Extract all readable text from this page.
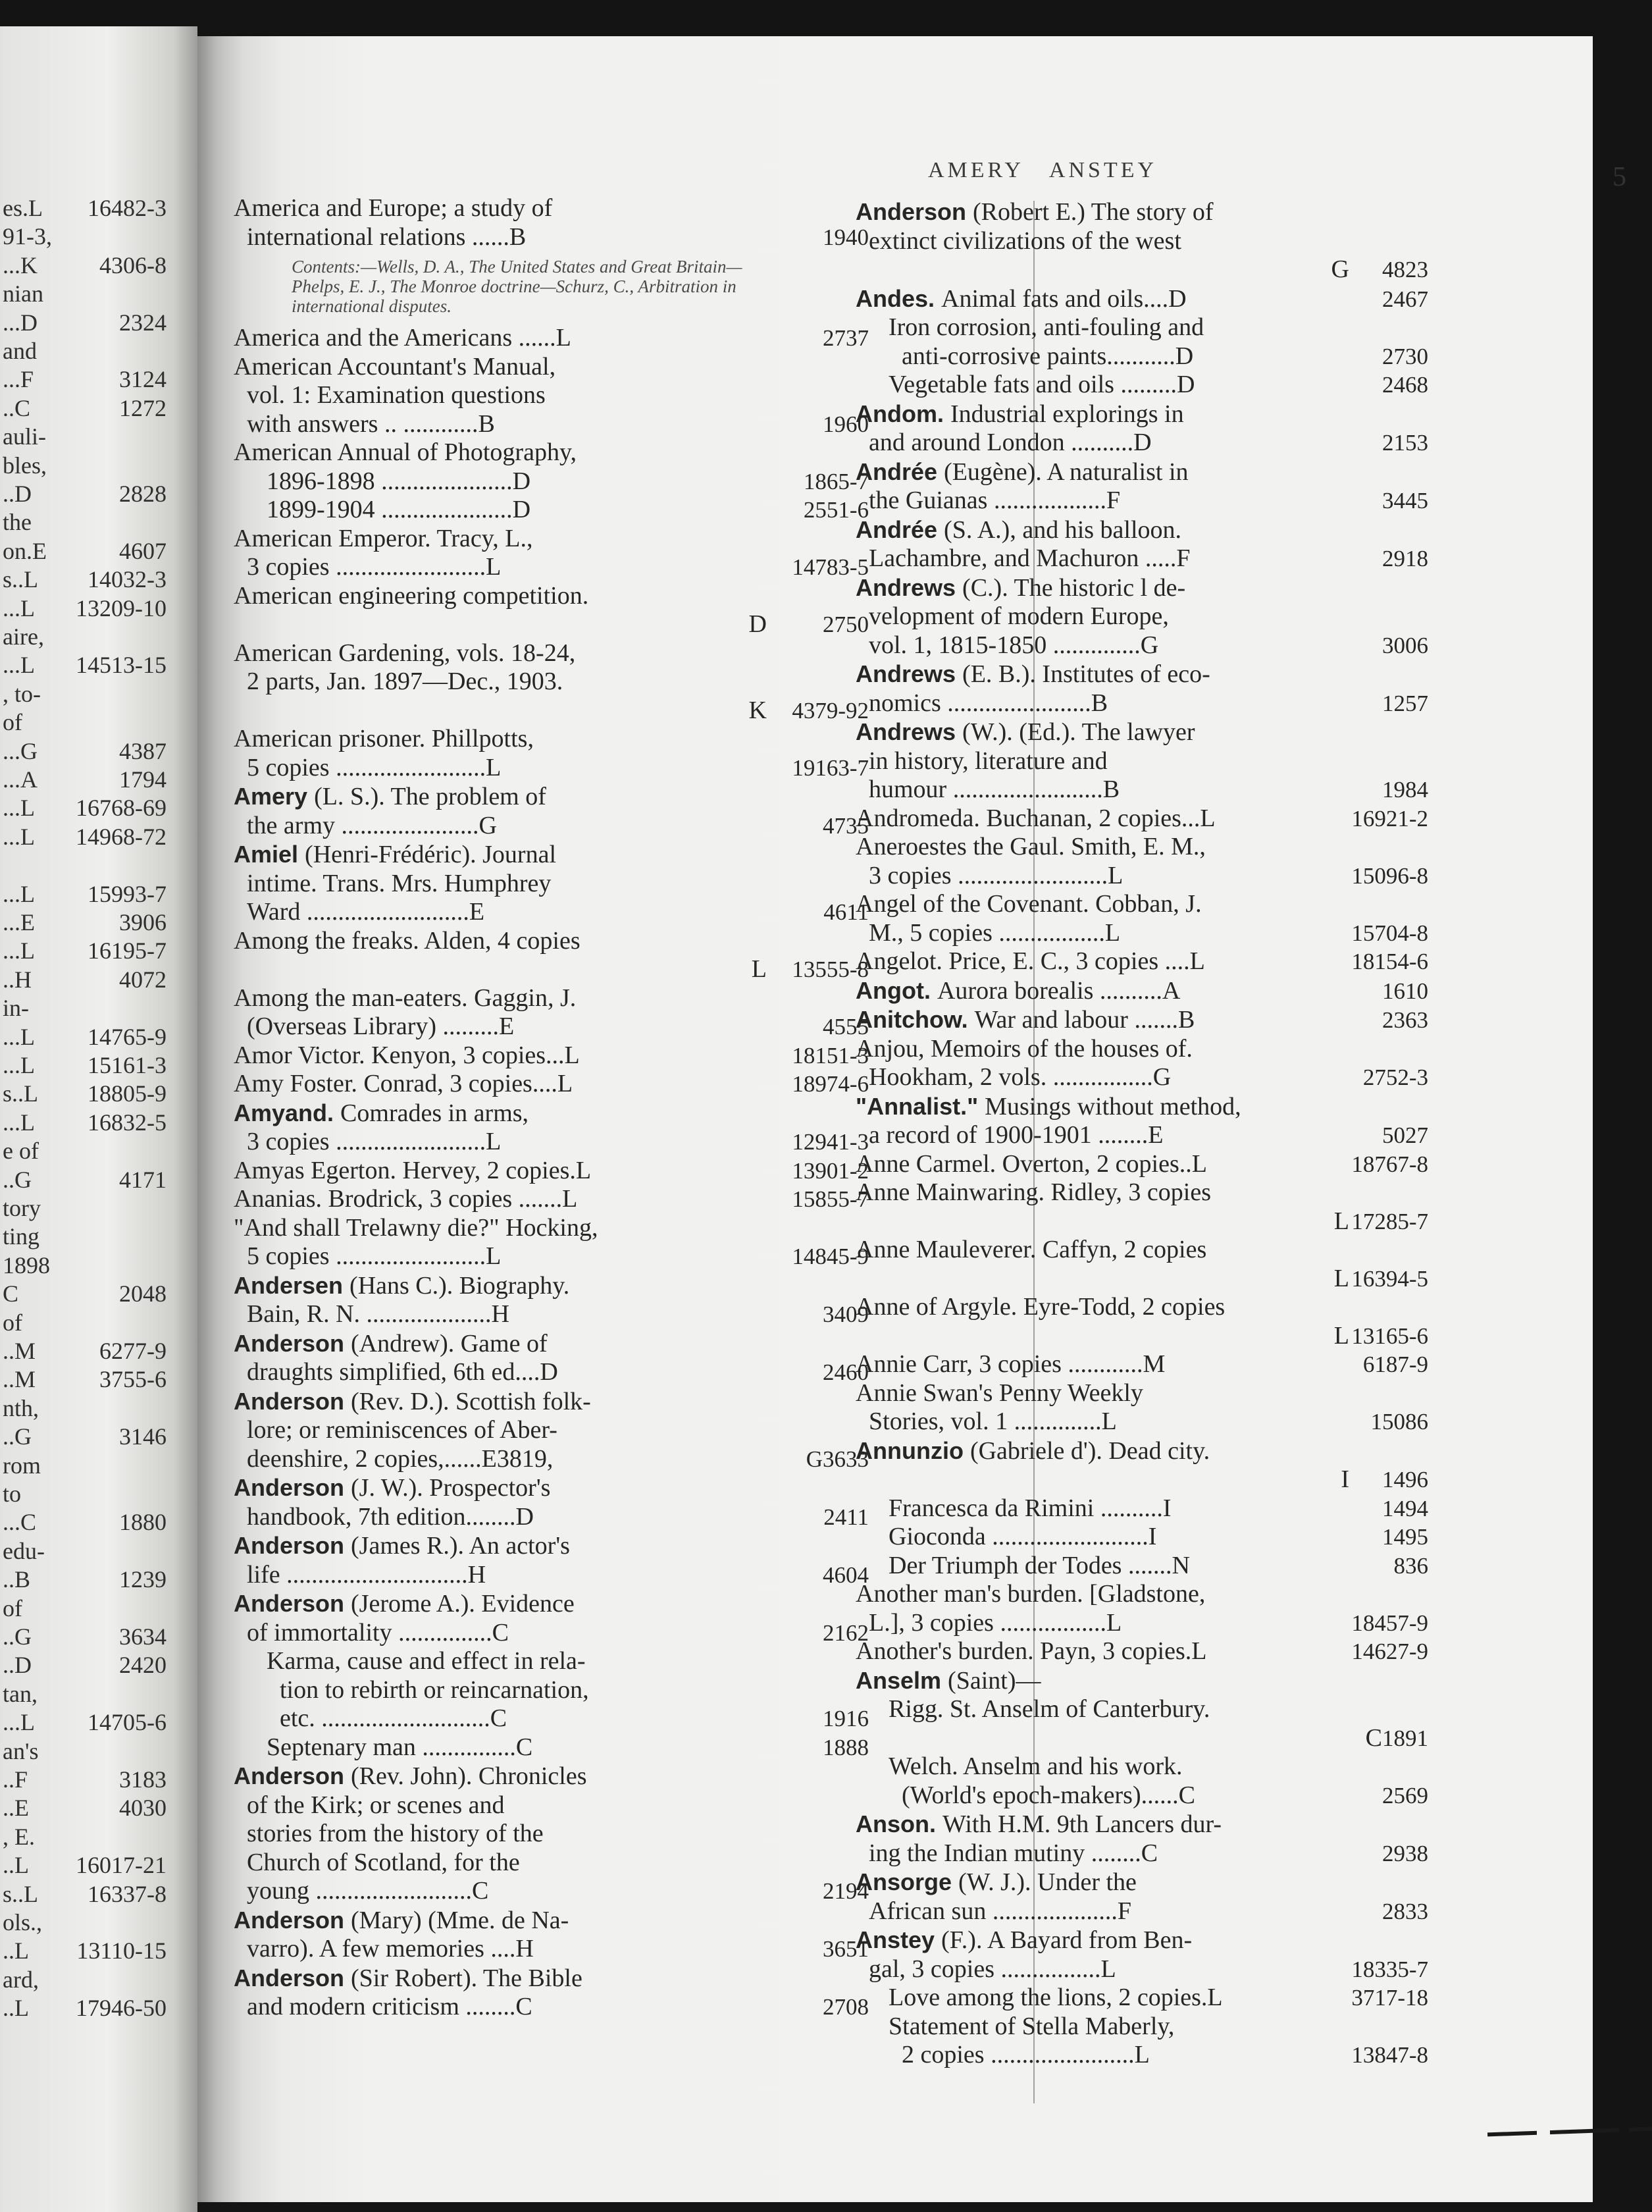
es.L 16482-3
91-3,
...K	4306-8
nian
...D	2324
and
...F	3124
..C	1272
auli-
bles,
..D	2828
the
on.E	4607
s..L 14032-3
...L 13209-10
aire,
...L 14513-15
, to-
of
...G	4387
...A	1794
...L 16768-69
...L 14968-72
...L 15993-7
...E	3906
...L 16195-7
..H	4072
in-
...L 14765-9
...L 15161-3
s..L 18805-9
...L 16832-5
e of
..G	4171
tory
ting
1898
C	2048
of
..M	6277-9
..M	3755-6
nth,
..G	3146
rom
to
...C	1880
edu-
..B	1239
of
..G	3634
..D	2420
tan,
...L 14705-6
an's
..F	3183
..E	4030
, E.
..L 16017-21
s..L 16337-8
ols.,
..L 13110-15
ard,
..L 17946-50
AMERY ANSTEY	5
America and Europe; a study of
international relations ......B	1940
Contents:—Wells, D. A., The United States and Great Britain—Phelps, E. J., The Monroe doctrine—Schurz, C., Arbitration in international disputes.
America and the Americans ......L	2737
American Accountant's Manual,
vol. 1: Examination questions
with answers .. ............B	1960
American Annual of Photography,
1896-1898 .....................D	1865-7
1899-1904 .....................D	2551-6
American Emperor. Tracy, L.,
3 copies ........................L	14783-5
American engineering competition.
D 2750
American Gardening, vols. 18-24,
2 parts, Jan. 1897—Dec., 1903.
K 4379-92
American prisoner. Phillpotts,
5 copies ........................L	19163-7
Amery (L. S.). The problem of
the army ......................G	4735
Amiel (Henri-Frédéric). Journal
intime. Trans. Mrs. Humphrey
Ward ..........................E	4611
Among the freaks. Alden, 4 copies
L 13555-8
Among the man-eaters. Gaggin, J.
(Overseas Library) .........E	4555
Amor Victor. Kenyon, 3 copies...L	18151-3
Amy Foster. Conrad, 3 copies....L	18974-6
Amyand. Comrades in arms,
3 copies ........................L	12941-3
Amyas Egerton. Hervey, 2 copies.L	13901-2
Ananias. Brodrick, 3 copies .......L	15855-7
"And shall Trelawny die?" Hocking,
5 copies ........................L	14845-9
Andersen (Hans C.). Biography.
Bain, R. N. ....................H	3409
Anderson (Andrew). Game of
draughts simplified, 6th ed....D	2460
Anderson (Rev. D.). Scottish folk-
lore; or reminiscences of Aber-
deenshire, 2 copies,......E3819,	G3633
Anderson (J. W.). Prospector's
handbook, 7th edition........D	2411
Anderson (James R.). An actor's
life .............................H	4604
Anderson (Jerome A.). Evidence
of immortality ...............C	2162
Karma, cause and effect in rela-
tion to rebirth or reincarnation,
etc. ...........................C	1916
Septenary man ...............C	1888
Anderson (Rev. John). Chronicles
of the Kirk; or scenes and
stories from the history of the
Church of Scotland, for the
young .........................C	2194
Anderson (Mary) (Mme. de Na-
varro). A few memories ....H	3651
Anderson (Sir Robert). The Bible
and modern criticism ........C	2708
Anderson (Robert E.) The story of
extinct civilizations of the west
G 4823
Andes. Animal fats and oils....D	2467
Iron corrosion, anti-fouling and
anti-corrosive paints...........D	2730
Vegetable fats and oils .........D	2468
Andom. Industrial explorings in
and around London ..........D	2153
Andrée (Eugène). A naturalist in
the Guianas ..................F	3445
Andrée (S. A.), and his balloon.
Lachambre, and Machuron .....F	2918
Andrews (C.). The historic l de-
velopment of modern Europe,
vol. 1, 1815-1850 ..............G	3006
Andrews (E. B.). Institutes of eco-
nomics .......................B	1257
Andrews (W.). (Ed.). The lawyer
in history, literature and
humour ........................B	1984
Andromeda. Buchanan, 2 copies...L	16921-2
Aneroestes the Gaul. Smith, E. M.,
3 copies ........................L	15096-8
Angel of the Covenant. Cobban, J.
M., 5 copies .................L	15704-8
Angelot. Price, E. C., 3 copies ....L	18154-6
Angot. Aurora borealis ..........A	1610
Anitchow. War and labour .......B	2363
Anjou, Memoirs of the houses of.
Hookham, 2 vols. ................G	2752-3
"Annalist." Musings without method,
a record of 1900-1901 ........E	5027
Anne Carmel. Overton, 2 copies..L	18767-8
Anne Mainwaring. Ridley, 3 copies
L 17285-7
Anne Mauleverer. Caffyn, 2 copies
L 16394-5
Anne of Argyle. Eyre-Todd, 2 copies
L 13165-6
Annie Carr, 3 copies ............M	6187-9
Annie Swan's Penny Weekly
Stories, vol. 1 ..............L	15086
Annunzio (Gabriele d'). Dead city.
I 1496
Francesca da Rimini ..........I	1494
Gioconda .........................I	1495
Der Triumph der Todes .......N	836
Another man's burden. [Gladstone,
L.], 3 copies .................L	18457-9
Another's burden. Payn, 3 copies.L	14627-9
Anselm (Saint)—
Rigg. St. Anselm of Canterbury.
C 1891
Welch. Anselm and his work.
(World's epoch-makers)......C	2569
Anson. With H.M. 9th Lancers dur-
ing the Indian mutiny ........C	2938
Ansorge (W. J.). Under the
African sun ....................F	2833
Anstey (F.). A Bayard from Ben-
gal, 3 copies ................L	18335-7
Love among the lions, 2 copies.L	3717-18
Statement of Stella Maberly,
2 copies .......................L	13847-8
